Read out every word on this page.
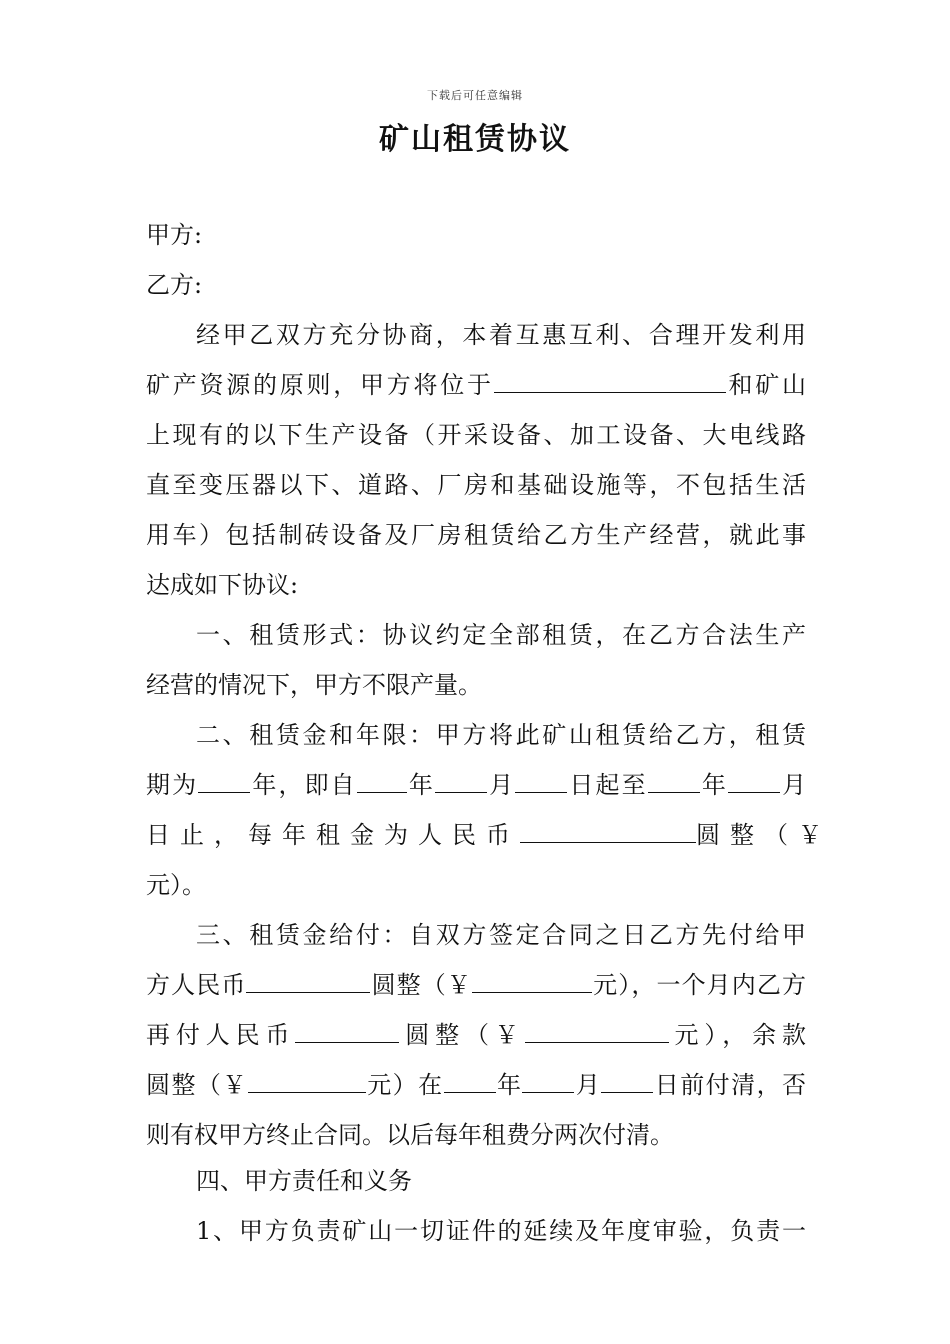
下载后可任意编辑
矿山租赁协议
甲方:
乙方:
经甲乙双方充分协商，本着互惠互利、合理开发利用
矿产资源的原则，甲方将位于	和矿山
上现有的以下生产设备（开采设备、加工设备、大电线路
直至变压器以下、道路、厂房和基础设施等，不包括生活
用车）包括制砖设备及厂房租赁给乙方生产经营，就此事
达成如下协议:
一、租赁形式：协议约定全部租赁，在乙方合法生产
经营的情况下，甲方不限产量。
二、租赁金和年限：甲方将此矿山租赁给乙方，租赁
期为 年，即自 年 月 日起至 年 月
日止，每年租金为人民币	圆整（￥
元）。
三、租赁金给付：自双方签定合同之日乙方先付给甲
方人民币	圆整（￥	元），一个月内乙方
再付人民币	圆整（￥	元），余款
圆整（￥	元）在 年 月 日前付清，否
则有权甲方终止合同。以后每年租费分两次付清。
四、甲方责任和义务
1、甲方负责矿山一切证件的延续及年度审验，负责一
